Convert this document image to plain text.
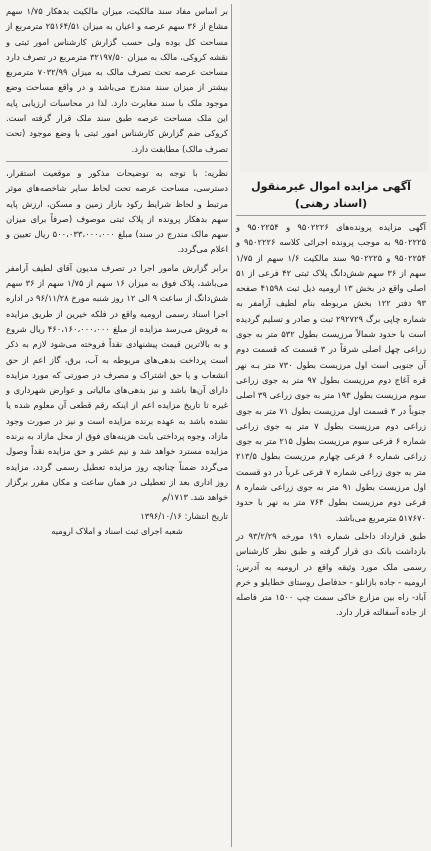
بر اساس مفاد سند مالکیت، میزان مالکیت بدهکار ۱/۷۵ سهم مشاع از ۳۶ سهم عرصه و اعیان به میزان ۲۵۱۶۴/۵۱ مترمربع از مساحت کل بوده ولی حسب گزارش کارشناس امور ثبتی و نقشه کروکی، مالک به میزان ۳۲۱۹۷/۵۰ مترمربع در تصرف دارد مساحت عرصه تحت تصرف مالک به میزان ۷۰۳۲/۹۹ مترمربع بیشتر از میزان سند مندرج می‌باشد و در واقع مساحت وضع موجود ملک با سند مغایرت دارد. لذا در محاسبات ارزیابی پایه این ملک مساحت عرصه طبق سند ملک قرار گرفته است. کروکی ضم گزارش کارشناس امور ثبتی با وضع موجود (تحت تصرف مالک) مطابقت دارد.

نظریه: با توجه به توضیحات مذکور و موقعیت استقرار، دسترسی، مساحت عرصه تحت لحاظ سایر شاخصه‌های موثر مرتبط و لحاظ شرایط رکود بازار زمین و مسکن، ارزش پایه سهم بدهکار پرونده از پلاک ثبتی موصوف (صرفاً برای میزان سهم مالک مندرج در سند) مبلغ ۵۰۰،۰۳۳،۰۰۰،۰۰۰ ریال تعیین و اعلام می‌گردد.

برابر گزارش مامور اجرا در تصرف مدیون آقای لطیف آرامفر می‌باشد، پلاک فوق به میزان ۱۶ سهم از ۱/۷۵ سهم از ۳۶ سهم شش‌دانگ از ساعت ۹ الی ۱۲ روز شنبه مورخ ۹۶/۱۱/۲۸ در اداره اجرا اسناد رسمی ارومیه واقع در فلکه خیرین از طریق مزایده به فروش می‌رسد مزایده از مبلغ ۴۶۰،۱۶۰،۰۰۰،۰۰۰ ریال شروع و به بالاترین قیمت پیشنهادی نقداً فروخته می‌شود لازم به ذکر است پرداخت بدهی‌های مربوطه به آب، برق، گاز اعم از حق انشعاب و یا حق اشتراک و مصرف در صورتی که مورد مزایده دارای آن‌ها باشد و نیز بدهی‌های مالیاتی و عوارض شهرداری و غیره تا تاریخ مزایده اعم از اینکه رقم قطعی آن معلوم شده یا نشده باشد به عهده برنده مزایده است و نیز در صورت وجود مازاد، وجوه پرداختی بابت هزینه‌های فوق از محل مازاد به برنده مزایده مسترد خواهد شد و نیم عشر و حق مزایده نقداً وصول می‌گردد ضمناً چنانچه روز مزایده تعطیل رسمی گردد، مزایده روز اداری بعد از تعطیلی در همان ساعت و مکان مقرر برگزار خواهد شد. ۱۷۱۳/م

تاریخ انتشار: ۱۳۹۶/۱۰/۱۶

شعبه اجرای ثبت اسناد و املاک ارومیه

آگهی مزایده اموال غیرمنقول (اسناد رهنی)

آگهی مزایده پرونده‌های ۹۵۰۲۲۲۶ و ۹۵۰۲۲۵۴ و ۹۵۰۲۲۲۵ به موجب پرونده اجرائی کلاسه ۹۵۰۲۲۲۶ و ۹۵۰۲۲۵۴ و ۹۵۰۲۲۲۵ سند مالکیت ۱/۶ سهم از ۱/۷۵ سهم از ۳۶ سهم شش‌دانگ پلاک ثبتی ۴۲ فرعی از ۵۱ اصلی واقع در بخش ۱۳ ارومیه ذیل ثبت ۴۱۵۹۸ صفحه ۹۳ دفتر ۱۲۲ بخش مربوطه بنام لطیف آرامفر به شماره چاپی برگ ۲۹۲۷۲۹ ثبت و صادر و تسلیم گردیده است با حدود شمالاً مرزیست بطول ۵۳۲ متر به جوی زراعی چهل اصلی شرقاً در ۳ قسمت که قسمت دوم آن جنوبی است اول مرزیست بطول ۷۳۰ متر بـه نهر قره آغاج دوم مرزیست بطول ۹۷ متر به جوی زراعی سوم مرزیست بطول ۱۹۳ متر به جوی زراعی ۳۹ اصلی جنوباً در ۳ قسمت اول مرزیست بطول ۷۱ متر به جوی زراعی دوم مرزیست بطول ۷ متر به جوی زراعی شماره ۶ فرعی سوم مرزیست بطول ۲۱۵ متر به جوی زراعی شماره ۶ فرعی چهارم مرزیست بطول ۲۱۳/۵ متر به جوی زراعی شماره ۷ فرعی غرباً در دو قسمت اول مرزیست بطول ۹۱ متر به جوی زراعی شماره ۸ فرعی دوم مرزیست بطول ۷۶۴ متر به نهر با حدود ۵۱۷۶۷۰ مترمربع می‌باشد.

طبق قرارداد داخلی شماره ۱۹۱ مورخه ۹۳/۲/۲۹ در بازداشت بانک دی قرار گرفته و طبق نظر کارشناس رسمی ملک مورد وثیقه واقع در ارومیه به آدرس: ارومیه - جاده بازانلو - حدفاصل روستای خطایلو و خرم آباد- راه بین مزارع خاکی سمت چپ ۱۵۰۰ متر فاصله از جاده آسفالته قرار دارد.
